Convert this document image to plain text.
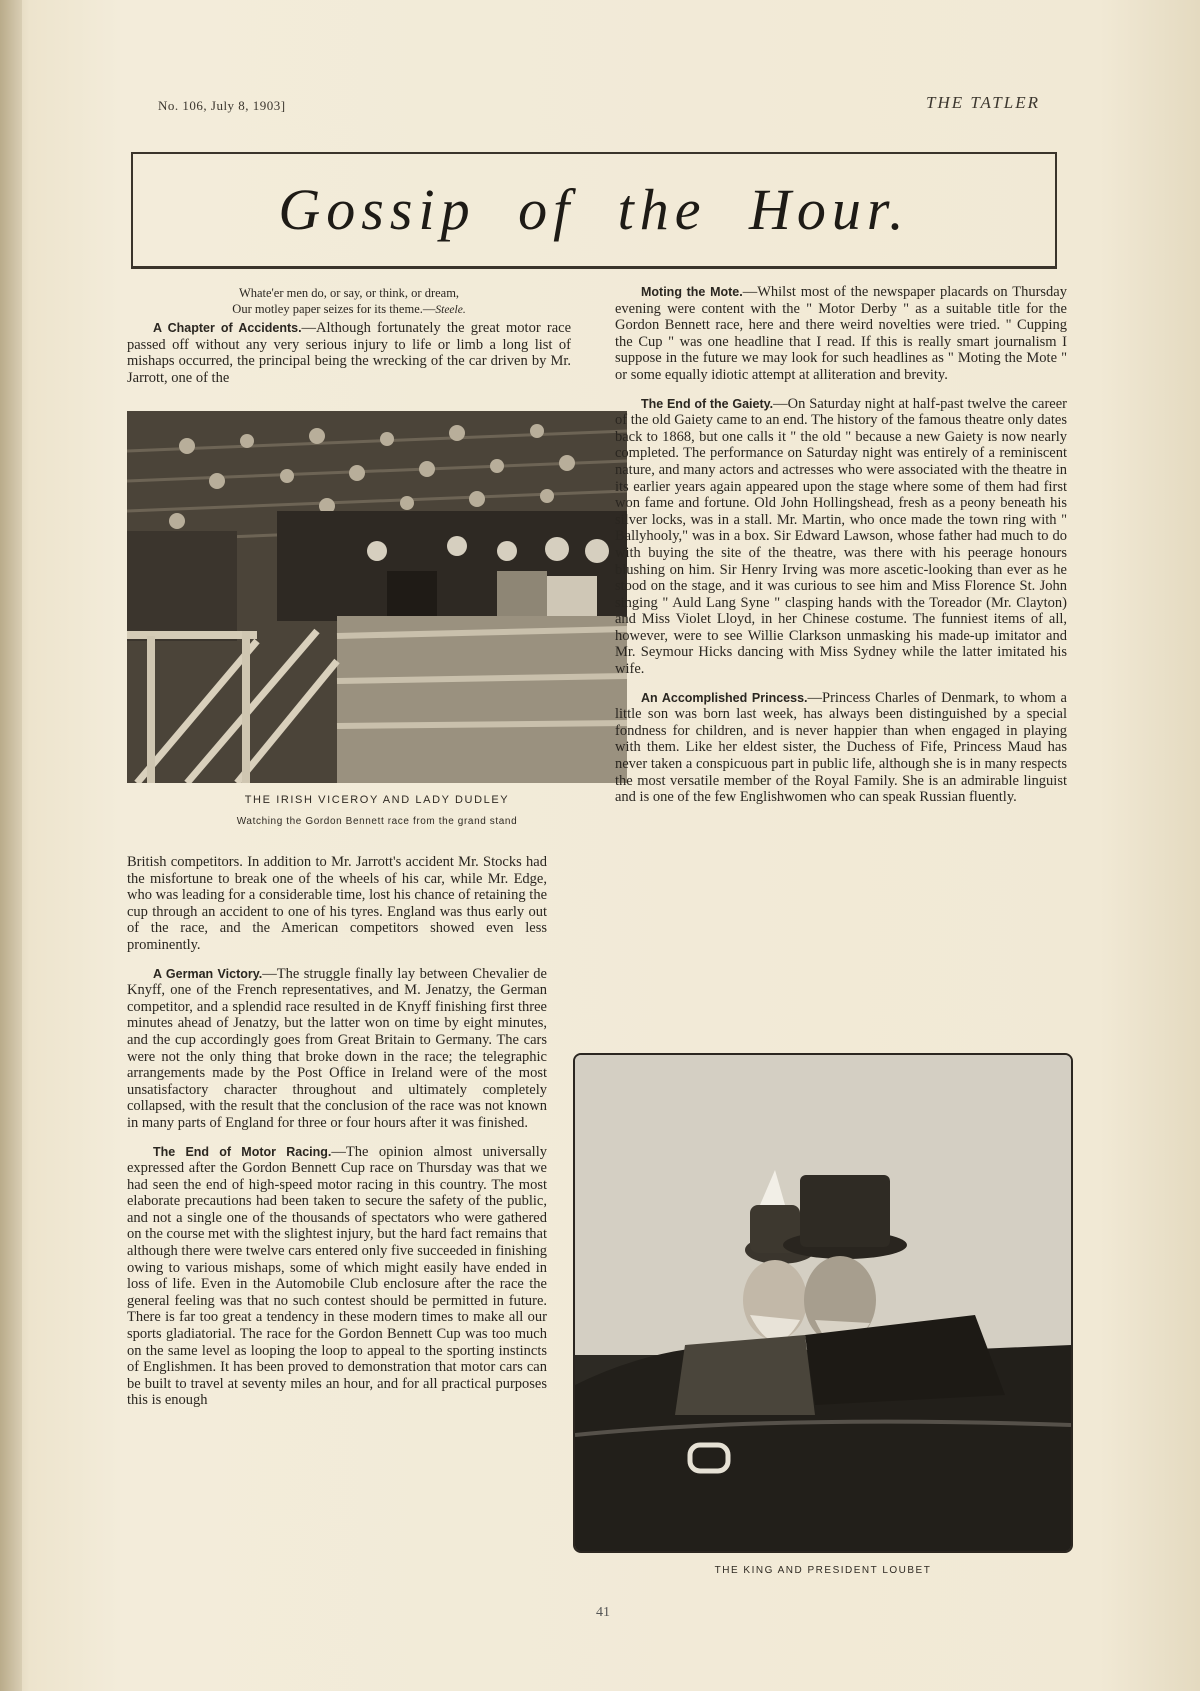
No. 106, July 8, 1903]	THE TATLER
Gossip of the Hour.
Whate'er men do, or say, or think, or dream,
Our motley paper seizes for its theme.—Steele.

A Chapter of Accidents.—Although fortunately the great motor race passed off without any very serious injury to life or limb a long list of mishaps occurred, the principal being the wrecking of the car driven by Mr. Jarrott, one of the

THE IRISH VICEROY AND LADY DUDLEY
Watching the Gordon Bennett race from the grand stand

British competitors. In addition to Mr. Jarrott's accident Mr. Stocks had the misfortune to break one of the wheels of his car, while Mr. Edge, who was leading for a considerable time, lost his chance of retaining the cup through an accident to one of his tyres. England was thus early out of the race, and the American competitors showed even less prominently.

A German Victory.—The struggle finally lay between Chevalier de Knyff, one of the French representatives, and M. Jenatzy, the German competitor, and a splendid race resulted in de Knyff finishing first three minutes ahead of Jenatzy, but the latter won on time by eight minutes, and the cup accordingly goes from Great Britain to Germany. The cars were not the only thing that broke down in the race; the telegraphic arrangements made by the Post Office in Ireland were of the most unsatisfactory character throughout and ultimately completely collapsed, with the result that the conclusion of the race was not known in many parts of England for three or four hours after it was finished.

The End of Motor Racing.—The opinion almost universally expressed after the Gordon Bennett Cup race on Thursday was that we had seen the end of high-speed motor racing in this country. The most elaborate precautions had been taken to secure the safety of the public, and not a single one of the thousands of spectators who were gathered on the course met with the slightest injury, but the hard fact remains that although there were twelve cars entered only five succeeded in finishing owing to various mishaps, some of which might easily have ended in loss of life. Even in the Automobile Club enclosure after the race the general feeling was that no such contest should be permitted in future. There is far too great a tendency in these modern times to make all our sports gladiatorial. The race for the Gordon Bennett Cup was too much on the same level as looping the loop to appeal to the sporting instincts of Englishmen. It has been proved to demonstration that motor cars can be built to travel at seventy miles an hour, and for all practical purposes this is enough

Moting the Mote.—Whilst most of the newspaper placards on Thursday evening were content with the " Motor Derby " as a suitable title for the Gordon Bennett race, here and there weird novelties were tried. " Cupping the Cup " was one headline that I read. If this is really smart journalism I suppose in the future we may look for such headlines as " Moting the Mote " or some equally idiotic attempt at alliteration and brevity.

The End of the Gaiety.—On Saturday night at half-past twelve the career of the old Gaiety came to an end. The history of the famous theatre only dates back to 1868, but one calls it " the old " because a new Gaiety is now nearly completed. The performance on Saturday night was entirely of a reminiscent nature, and many actors and actresses who were associated with the theatre in its earlier years again appeared upon the stage where some of them had first won fame and fortune. Old John Hollingshead, fresh as a peony beneath his silver locks, was in a stall. Mr. Martin, who once made the town ring with " Ballyhooly," was in a box. Sir Edward Lawson, whose father had much to do with buying the site of the theatre, was there with his peerage honours blushing on him. Sir Henry Irving was more ascetic-looking than ever as he stood on the stage, and it was curious to see him and Miss Florence St. John singing " Auld Lang Syne " clasping hands with the Toreador (Mr. Clayton) and Miss Violet Lloyd, in her Chinese costume. The funniest items of all, however, were to see Willie Clarkson unmasking his made-up imitator and Mr. Seymour Hicks dancing with Miss Sydney while the latter imitated his wife.

An Accomplished Princess.—Princess Charles of Denmark, to whom a little son was born last week, has always been distinguished by a special fondness for children, and is never happier than when engaged in playing with them. Like her eldest sister, the Duchess of Fife, Princess Maud has never taken a conspicuous part in public life, although she is in many respects the most versatile member of the Royal Family. She is an admirable linguist and is one of the few Englishwomen who can speak Russian fluently.

THE KING AND PRESIDENT LOUBET
41
